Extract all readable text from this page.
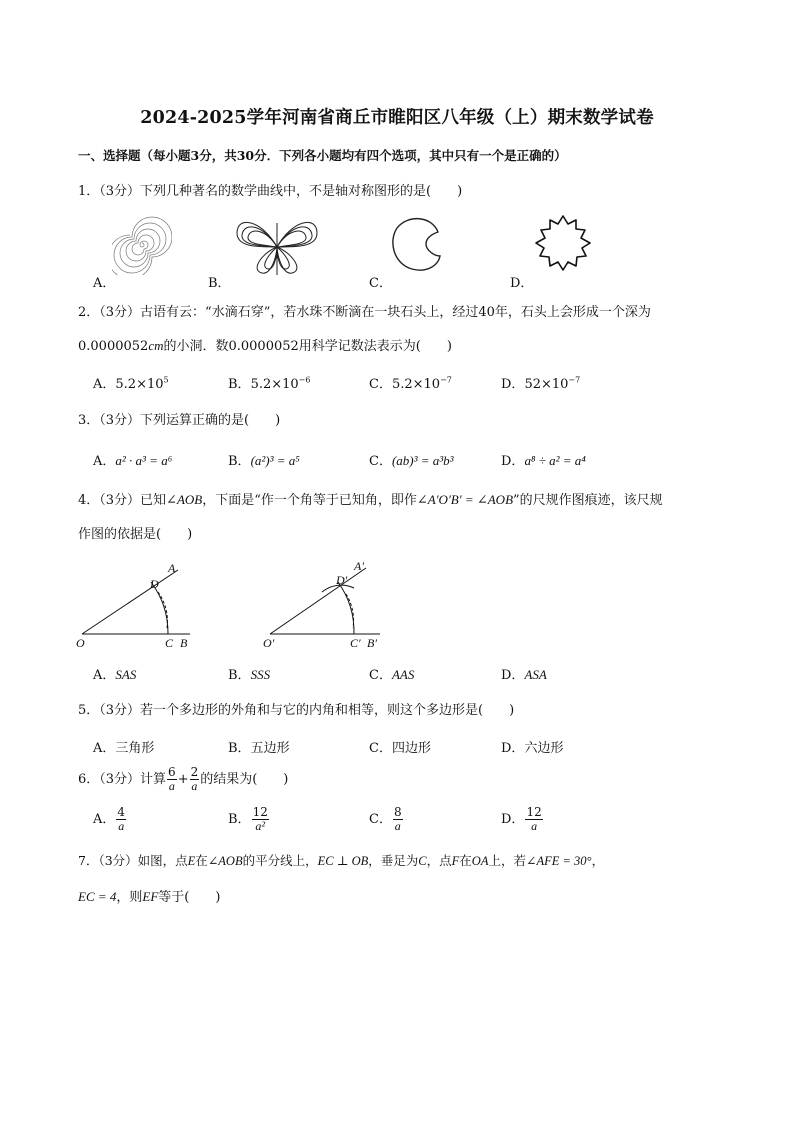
2024-2025学年河南省商丘市睢阳区八年级（上）期末数学试卷
一、选择题（每小题3分，共30分．下列各小题均有四个选项，其中只有一个是正确的）
1．（3分）下列几种著名的数学曲线中，不是轴对称图形的是(　　)
A．	B．	C．	D．
2．（3分）古语有云：“水滴石穿”，若水珠不断滴在一块石头上，经过40年，石头上会形成一个深为
0.0000052cm的小洞．数0.0000052用科学记数法表示为(　　)
A．$5.2\times 10^5$	B．$5.2\times 10^{-6}$	C．$5.2\times 10^{-7}$	D．$52\times 10^{-7}$
3．（3分）下列运算正确的是(　　)
A．a² · a³ = a⁶	B．(a²)³ = a⁵	C．(ab)³ = a³b³	D．a⁸ ÷ a² = a⁴
4．（3分）已知∠AOB，下面是“作一个角等于已知角，即作∠A′O′B′ = ∠AOB”的尺规作图痕迹，该尺规
作图的依据是(　　)
O	C B
D
A
O′	C′ B′
D′
A′
A．SAS	B．SSS	C．AAS	D．ASA
5．（3分）若一个多边形的外角和与它的内角和相等，则这个多边形是(　　)
A．三角形	B．五边形	C．四边形	D．六边形
6．（3分）计算 $\frac{6}{a} + \frac{2}{a}$ 的结果为(　　)
A． $\frac{4}{a}$	B． $\frac{12}{\text{a²}}$	C． $\frac{8}{a}$	D． $\frac{12}{a}$
7．（3分）如图，点E在∠AOB的平分线上，EC ⊥ OB，垂足为C，点F在OA上，若∠AFE = 30°，
EC = 4，则EF等于(　　)
